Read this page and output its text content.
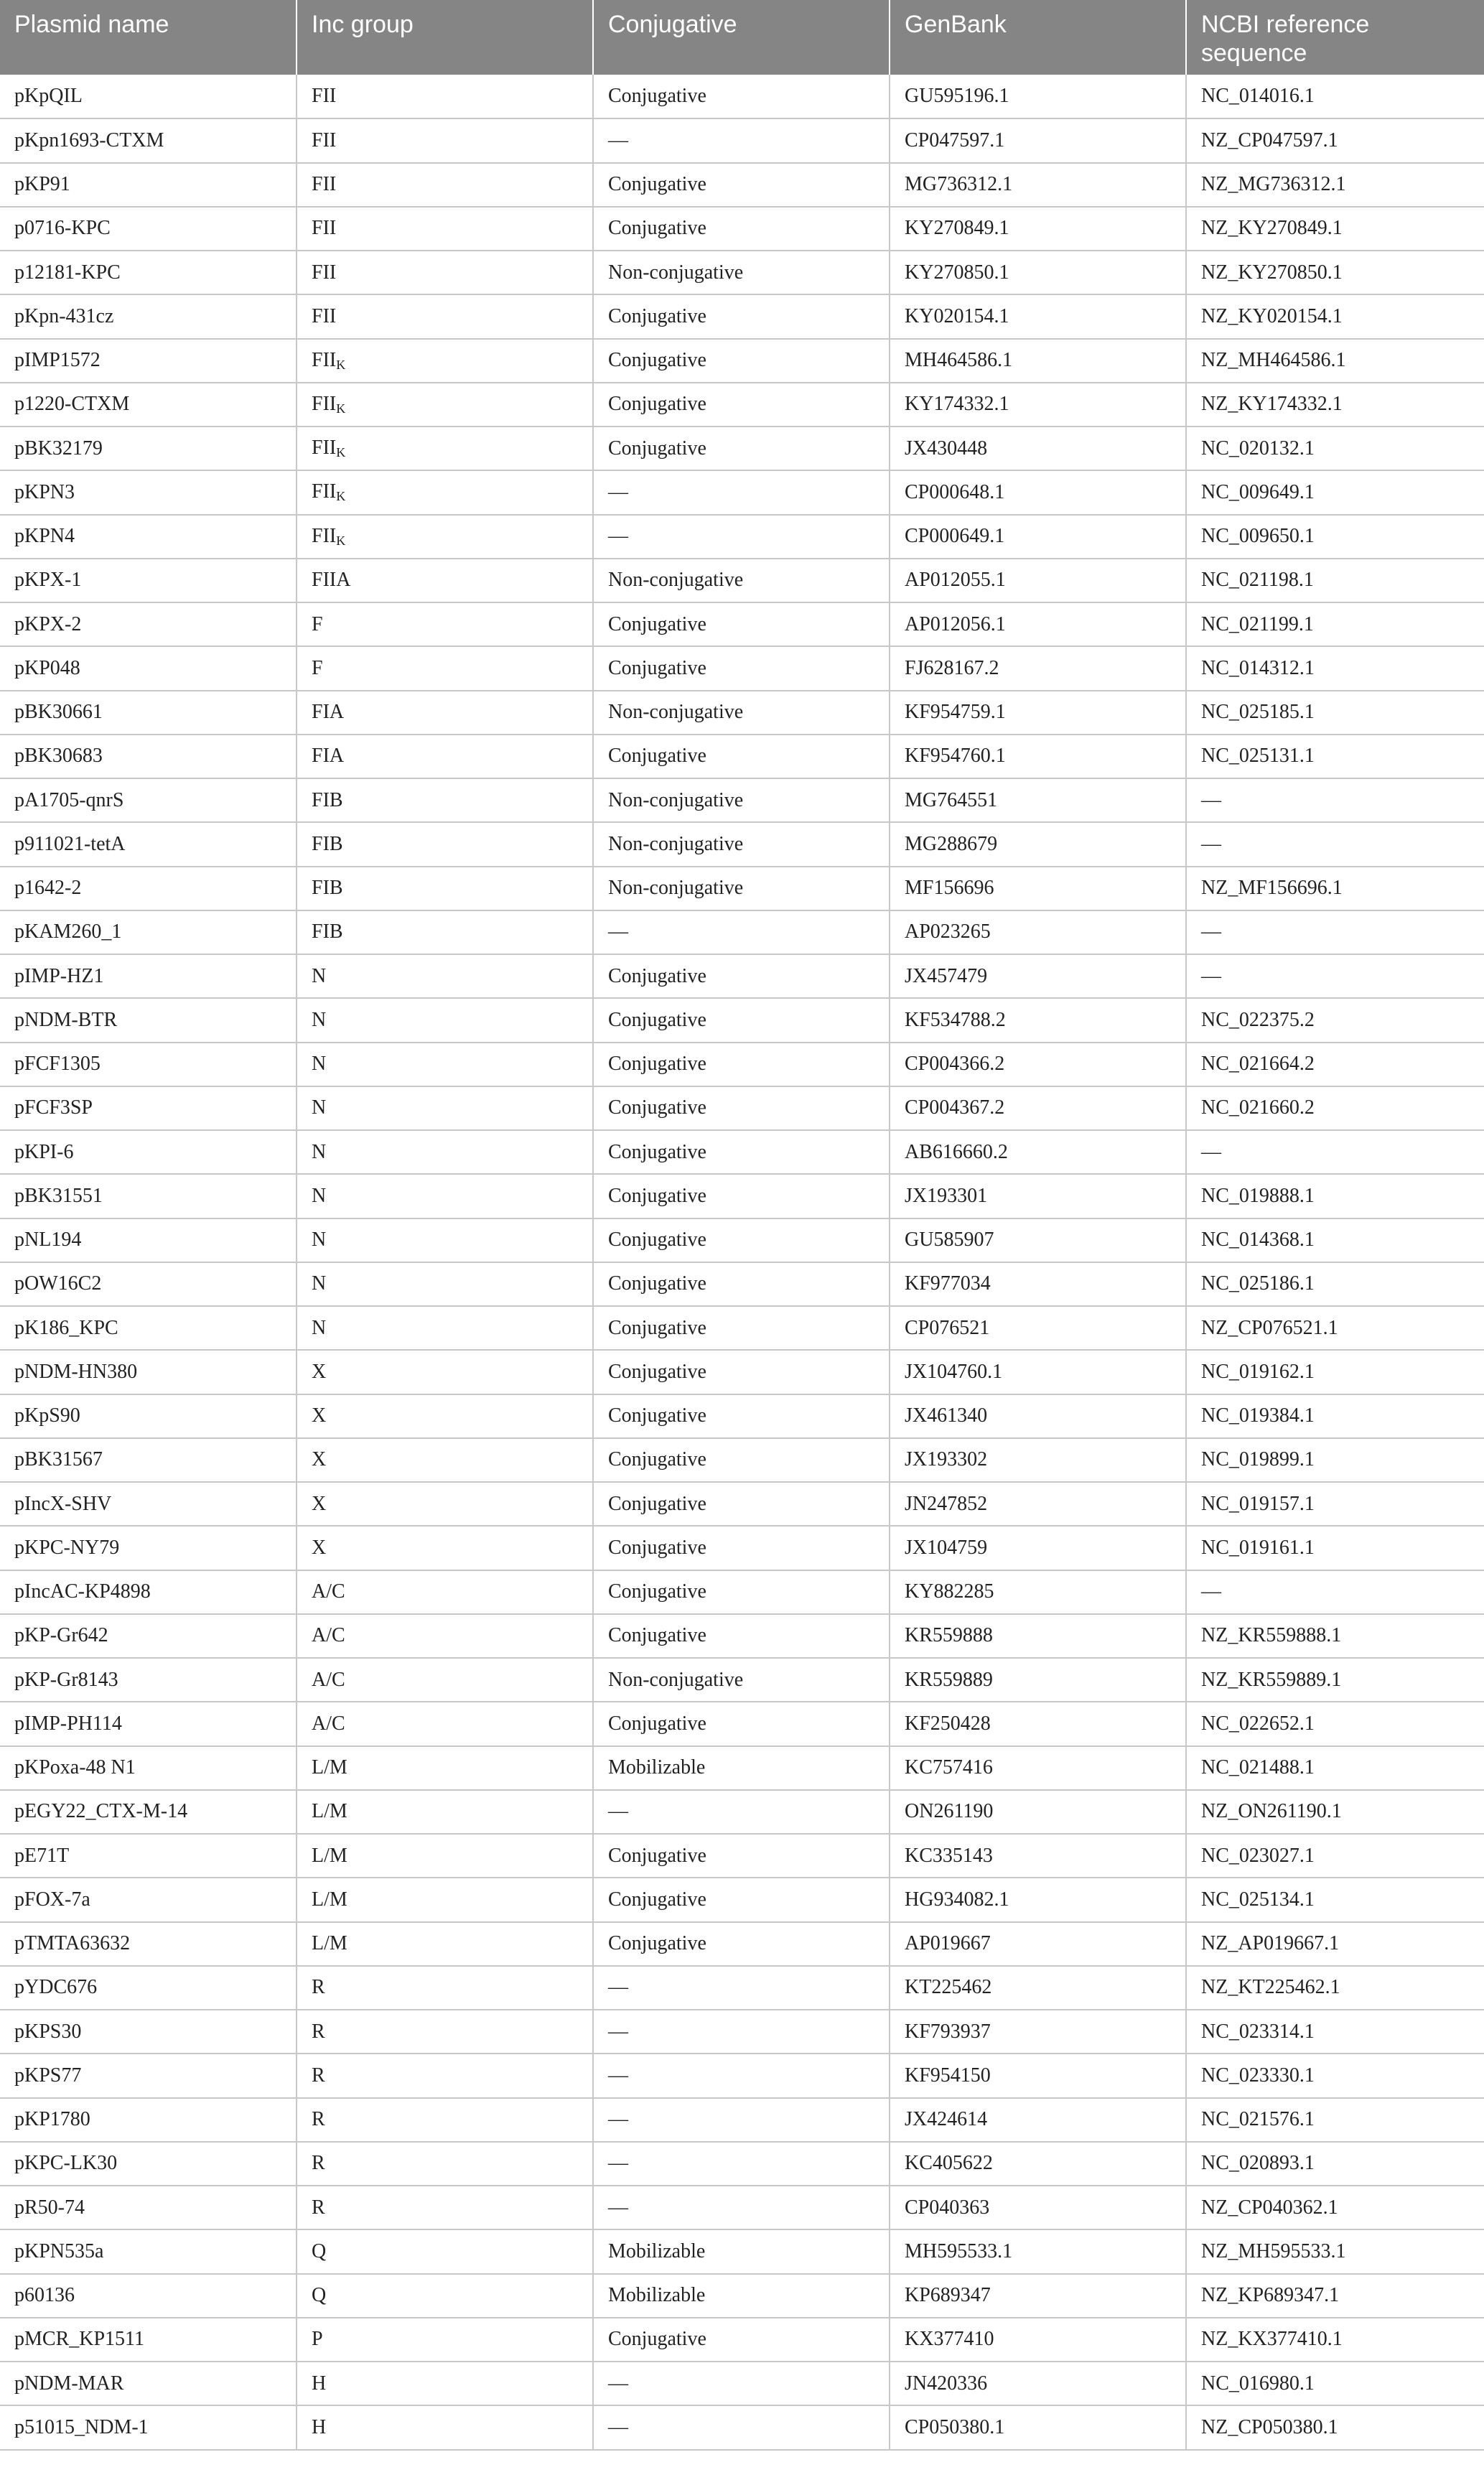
Plasmid name	Inc group	Conjugative	GenBank	NCBI reference sequence
pKpQIL	FII	Conjugative	GU595196.1	NC_014016.1
pKpn1693-CTXM	FII	—	CP047597.1	NZ_CP047597.1
pKP91	FII	Conjugative	MG736312.1	NZ_MG736312.1
p0716-KPC	FII	Conjugative	KY270849.1	NZ_KY270849.1
p12181-KPC	FII	Non-conjugative	KY270850.1	NZ_KY270850.1
pKpn-431cz	FII	Conjugative	KY020154.1	NZ_KY020154.1
pIMP1572	$FII_K$	Conjugative	MH464586.1	NZ_MH464586.1
p1220-CTXM	$FII_K$	Conjugative	KY174332.1	NZ_KY174332.1
pBK32179	$FII_K$	Conjugative	JX430448	NC_020132.1
pKPN3	$FII_K$	—	CP000648.1	NC_009649.1
pKPN4	$FII_K$	—	CP000649.1	NC_009650.1
pKPX-1	FIIA	Non-conjugative	AP012055.1	NC_021198.1
pKPX-2	F	Conjugative	AP012056.1	NC_021199.1
pKP048	F	Conjugative	FJ628167.2	NC_014312.1
pBK30661	FIA	Non-conjugative	KF954759.1	NC_025185.1
pBK30683	FIA	Conjugative	KF954760.1	NC_025131.1
pA1705-qnrS	FIB	Non-conjugative	MG764551	—
p911021-tetA	FIB	Non-conjugative	MG288679	—
p1642-2	FIB	Non-conjugative	MF156696	NZ_MF156696.1
pKAM260_1	FIB	—	AP023265	—
pIMP-HZ1	N	Conjugative	JX457479	—
pNDM-BTR	N	Conjugative	KF534788.2	NC_022375.2
pFCF1305	N	Conjugative	CP004366.2	NC_021664.2
pFCF3SP	N	Conjugative	CP004367.2	NC_021660.2
pKPI-6	N	Conjugative	AB616660.2	—
pBK31551	N	Conjugative	JX193301	NC_019888.1
pNL194	N	Conjugative	GU585907	NC_014368.1
pOW16C2	N	Conjugative	KF977034	NC_025186.1
pK186_KPC	N	Conjugative	CP076521	NZ_CP076521.1
pNDM-HN380	X	Conjugative	JX104760.1	NC_019162.1
pKpS90	X	Conjugative	JX461340	NC_019384.1
pBK31567	X	Conjugative	JX193302	NC_019899.1
pIncX-SHV	X	Conjugative	JN247852	NC_019157.1
pKPC-NY79	X	Conjugative	JX104759	NC_019161.1
pIncAC-KP4898	A/C	Conjugative	KY882285	—
pKP-Gr642	A/C	Conjugative	KR559888	NZ_KR559888.1
pKP-Gr8143	A/C	Non-conjugative	KR559889	NZ_KR559889.1
pIMP-PH114	A/C	Conjugative	KF250428	NC_022652.1
pKPoxa-48 N1	L/M	Mobilizable	KC757416	NC_021488.1
pEGY22_CTX-M-14	L/M	—	ON261190	NZ_ON261190.1
pE71T	L/M	Conjugative	KC335143	NC_023027.1
pFOX-7a	L/M	Conjugative	HG934082.1	NC_025134.1
pTMTA63632	L/M	Conjugative	AP019667	NZ_AP019667.1
pYDC676	R	—	KT225462	NZ_KT225462.1
pKPS30	R	—	KF793937	NC_023314.1
pKPS77	R	—	KF954150	NC_023330.1
pKP1780	R	—	JX424614	NC_021576.1
pKPC-LK30	R	—	KC405622	NC_020893.1
pR50-74	R	—	CP040363	NZ_CP040362.1
pKPN535a	Q	Mobilizable	MH595533.1	NZ_MH595533.1
p60136	Q	Mobilizable	KP689347	NZ_KP689347.1
pMCR_KP1511	P	Conjugative	KX377410	NZ_KX377410.1
pNDM-MAR	H	—	JN420336	NC_016980.1
p51015_NDM-1	H	—	CP050380.1	NZ_CP050380.1
